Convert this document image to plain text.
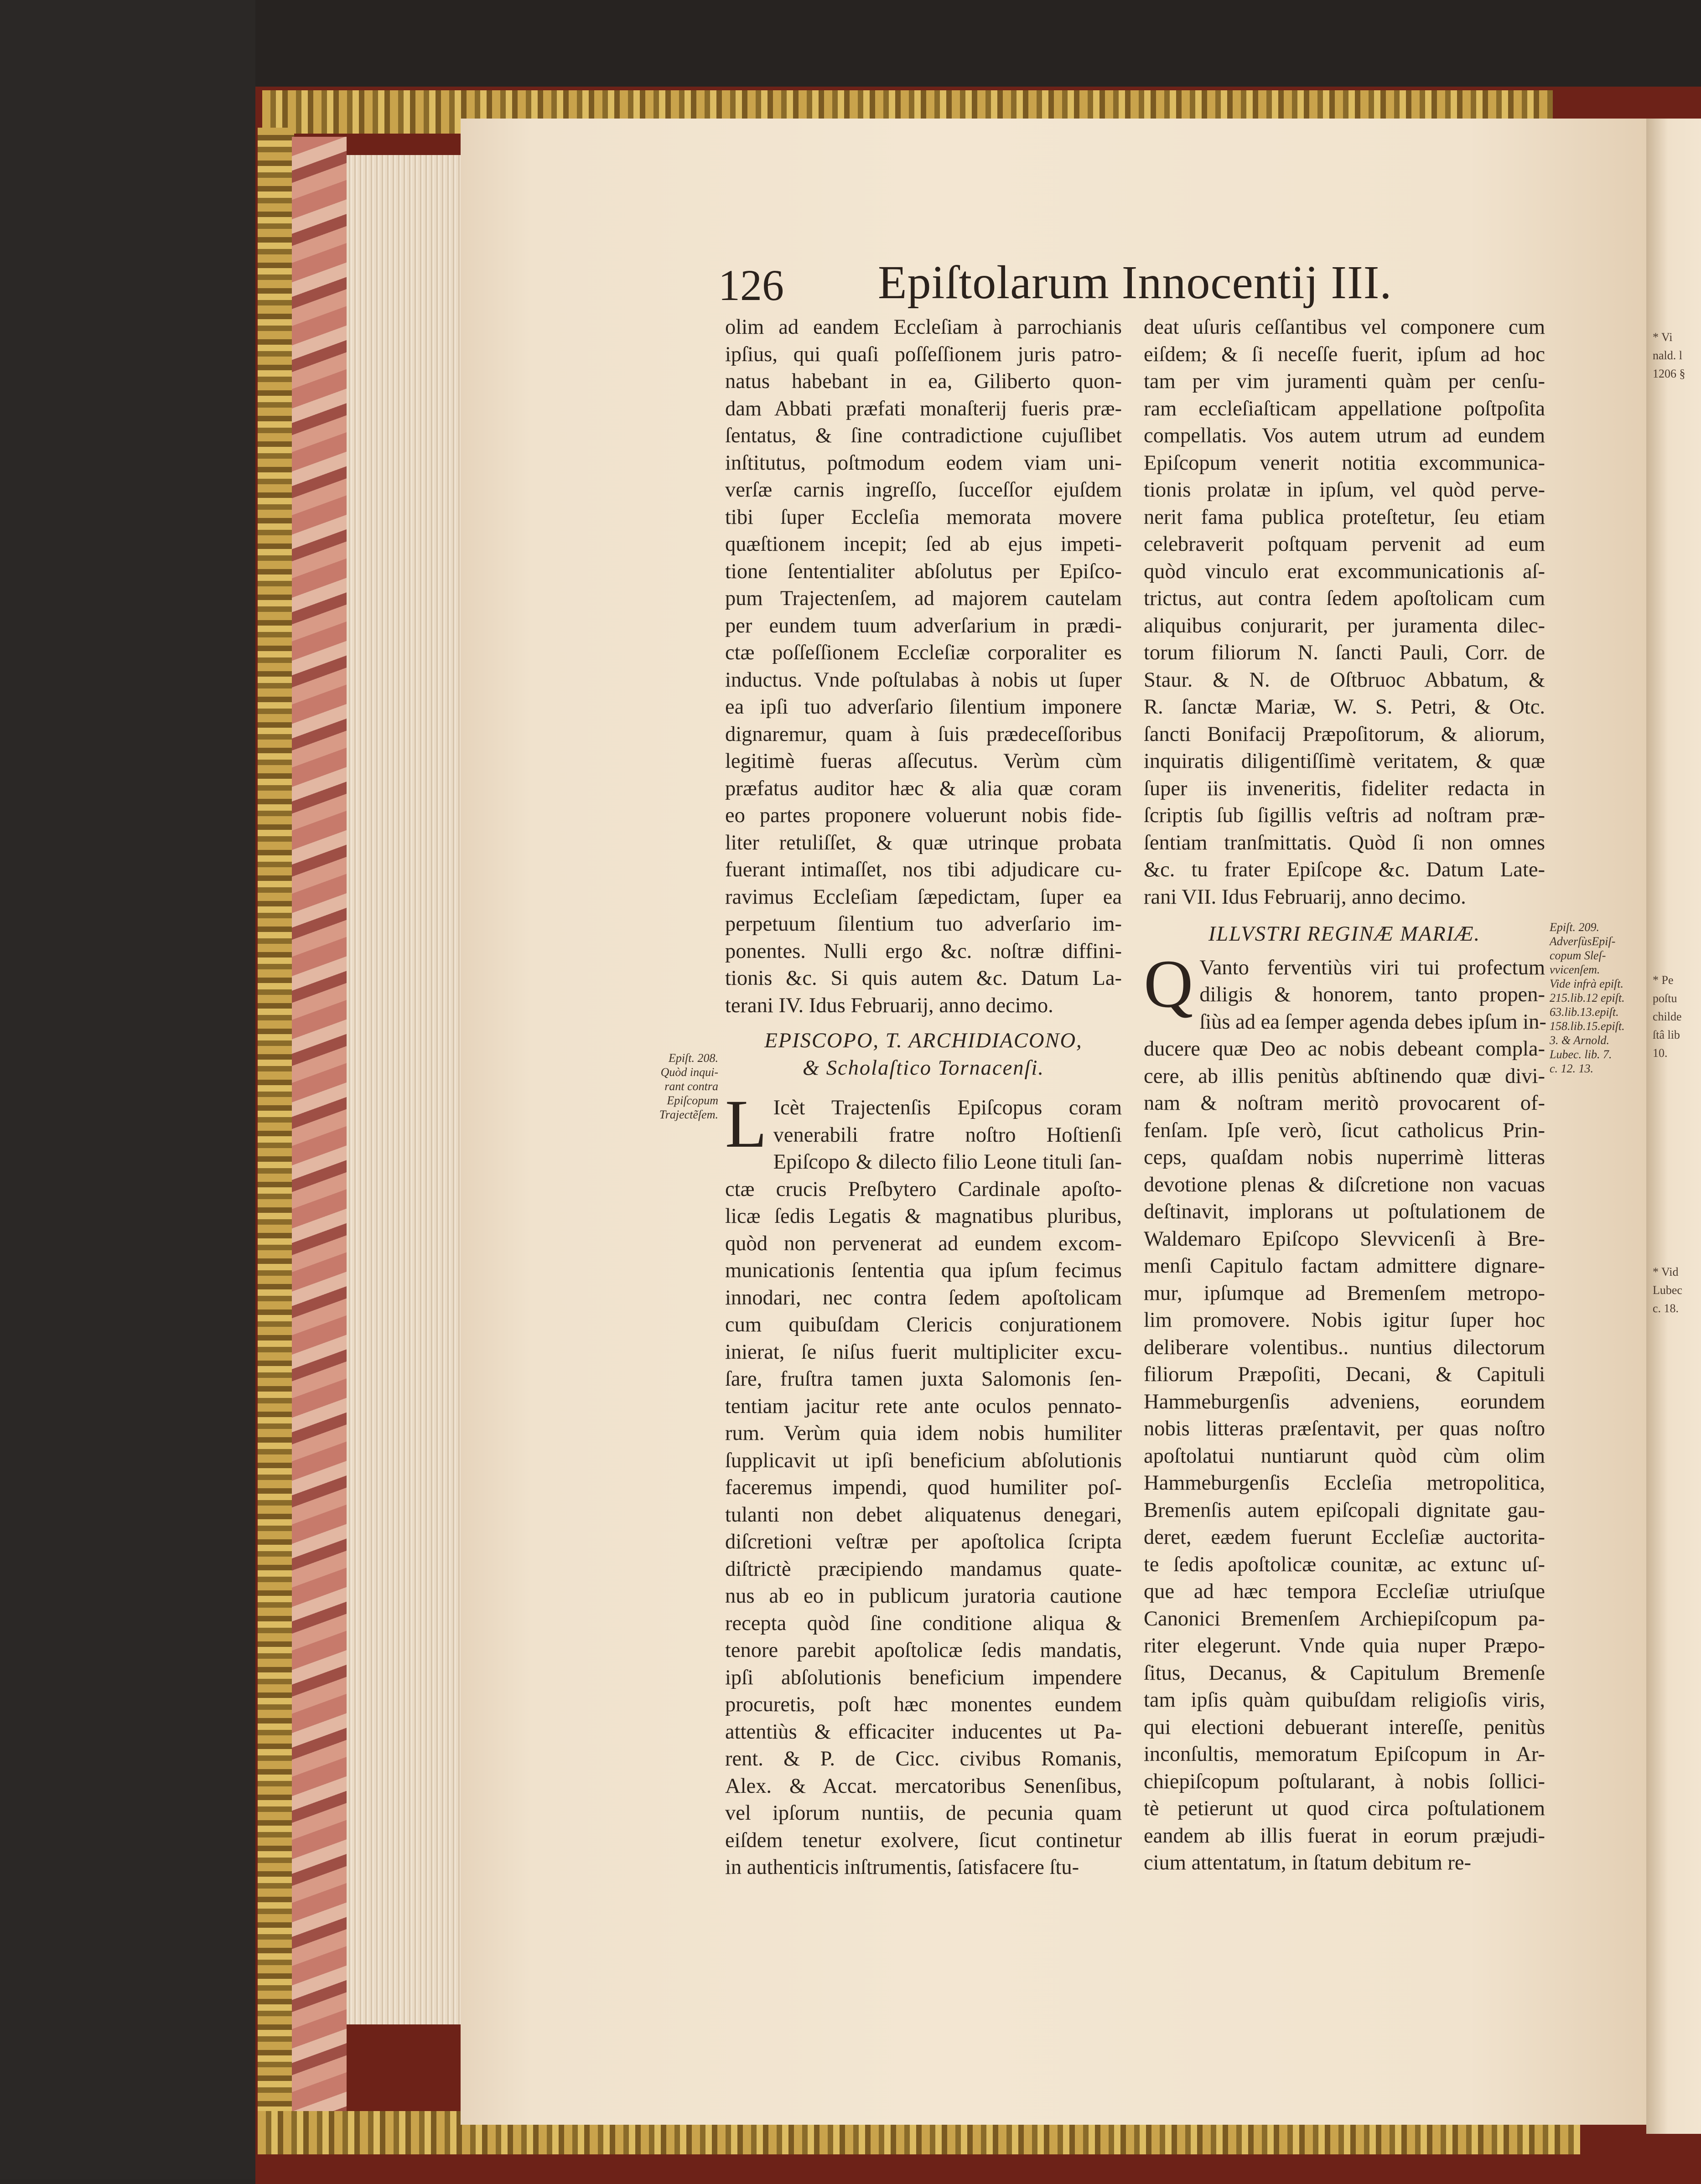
* Vi
nald. l
1206 §
* Pe
poſtu
childe
ſtâ lib
10.
* Vid
Lubec
c. 18.
126 Epiſtolarum Innocentij III.
olim ad eandem Eccleſiam à parrochianis
ipſius, qui quaſi poſſeſſionem juris patro-
natus habebant in ea, Giliberto quon-
dam Abbati præfati monaſterij fueris præ-
ſentatus, & ſine contradictione cujuſlibet
inſtitutus, poſtmodum eodem viam uni-
verſæ carnis ingreſſo, ſucceſſor ejuſdem
tibi ſuper Eccleſia memorata movere
quæſtionem incepit; ſed ab ejus impeti-
tione ſententialiter abſolutus per Epiſco-
pum Trajectenſem, ad majorem cautelam
per eundem tuum adverſarium in prædi-
ctæ poſſeſſionem Eccleſiæ corporaliter es
inductus. Vnde poſtulabas à nobis ut ſuper
ea ipſi tuo adverſario ſilentium imponere
dignaremur, quam à ſuis prædeceſſoribus
legitimè fueras aſſecutus. Verùm cùm
præfatus auditor hæc & alia quæ coram
eo partes proponere voluerunt nobis fide-
liter retuliſſet, & quæ utrinque probata
fuerant intimaſſet, nos tibi adjudicare cu-
ravimus Eccleſiam ſæpedictam, ſuper ea
perpetuum ſilentium tuo adverſario im-
ponentes. Nulli ergo &c. noſtræ diffini-
tionis &c. Si quis autem &c. Datum La-
terani IV. Idus Februarij, anno decimo.
EPISCOPO, T. ARCHIDIACONO,
& Scholaſtico Tornacenſi.
L Icèt Trajectenſis Epiſcopus coram
venerabili fratre noſtro Hoſtienſi
Epiſcopo & dilecto filio Leone tituli ſan-
ctæ crucis Preſbytero Cardinale apoſto-
licæ ſedis Legatis & magnatibus pluribus,
quòd non pervenerat ad eundem excom-
municationis ſententia qua ipſum fecimus
innodari, nec contra ſedem apoſtolicam
cum quibuſdam Clericis conjurationem
inierat, ſe niſus fuerit multipliciter excu-
ſare, fruſtra tamen juxta Salomonis ſen-
tentiam jacitur rete ante oculos pennato-
rum. Verùm quia idem nobis humiliter
ſupplicavit ut ipſi beneficium abſolutionis
faceremus impendi, quod humiliter poſ-
tulanti non debet aliquatenus denegari,
diſcretioni veſtræ per apoſtolica ſcripta
diſtrictè præcipiendo mandamus quate-
nus ab eo in publicum juratoria cautione
recepta quòd ſine conditione aliqua &
tenore parebit apoſtolicæ ſedis mandatis,
ipſi abſolutionis beneficium impendere
procuretis, poſt hæc monentes eundem
attentiùs & efficaciter inducentes ut Pa-
rent. & P. de Cicc. civibus Romanis,
Alex. & Accat. mercatoribus Senenſibus,
vel ipſorum nuntiis, de pecunia quam
eiſdem tenetur exolvere, ſicut continetur
in authenticis inſtrumentis, ſatisfacere ſtu-
deat uſuris ceſſantibus vel componere cum
eiſdem; & ſi neceſſe fuerit, ipſum ad hoc
tam per vim juramenti quàm per cenſu-
ram eccleſiaſticam appellatione poſtpoſita
compellatis. Vos autem utrum ad eundem
Epiſcopum venerit notitia excommunica-
tionis prolatæ in ipſum, vel quòd perve-
nerit fama publica proteſtetur, ſeu etiam
celebraverit poſtquam pervenit ad eum
quòd vinculo erat excommunicationis aſ-
trictus, aut contra ſedem apoſtolicam cum
aliquibus conjurarit, per juramenta dilec-
torum filiorum N. ſancti Pauli, Corr. de
Staur. & N. de Oſtbruoc Abbatum, &
R. ſanctæ Mariæ, W. S. Petri, & Otc.
ſancti Bonifacij Præpoſitorum, & aliorum,
inquiratis diligentiſſimè veritatem, & quæ
ſuper iis inveneritis, fideliter redacta in
ſcriptis ſub ſigillis veſtris ad noſtram præ-
ſentiam tranſmittatis. Quòd ſi non omnes
&c. tu frater Epiſcope &c. Datum Late-
rani VII. Idus Februarij, anno decimo.
ILLVSTRI REGINÆ MARIÆ.
Q Vanto ferventiùs viri tui profectum
diligis & honorem, tanto propen-
ſiùs ad ea ſemper agenda debes ipſum in-
ducere quæ Deo ac nobis debeant compla-
cere, ab illis penitùs abſtinendo quæ divi-
nam & noſtram meritò provocarent of-
fenſam. Ipſe verò, ſicut catholicus Prin-
ceps, quaſdam nobis nuperrimè litteras
devotione plenas & diſcretione non vacuas
deſtinavit, implorans ut poſtulationem de
Waldemaro Epiſcopo Slevvicenſi à Bre-
menſi Capitulo factam admittere dignare-
mur, ipſumque ad Bremenſem metropo-
lim promovere. Nobis igitur ſuper hoc
deliberare volentibus.. nuntius dilectorum
filiorum Præpoſiti, Decani, & Capituli
Hammeburgenſis adveniens, eorundem
nobis litteras præſentavit, per quas noſtro
apoſtolatui nuntiarunt quòd cùm olim
Hammeburgenſis Eccleſia metropolitica,
Bremenſis autem epiſcopali dignitate gau-
deret, eædem fuerunt Eccleſiæ auctorita-
te ſedis apoſtolicæ counitæ, ac extunc uſ-
que ad hæc tempora Eccleſiæ utriuſque
Canonici Bremenſem Archiepiſcopum pa-
riter elegerunt. Vnde quia nuper Præpo-
ſitus, Decanus, & Capitulum Bremenſe
tam ipſis quàm quibuſdam religioſis viris,
qui electioni debuerant intereſſe, penitùs
inconſultis, memoratum Epiſcopum in Ar-
chiepiſcopum poſtularant, à nobis ſollici-
tè petierunt ut quod circa poſtulationem
eandem ab illis fuerat in eorum præjudi-
cium attentatum, in ſtatum debitum re-
Epiſt. 208.
Quòd inqui-
rant contra
Epiſcopum
Trajectẽſem.
Epiſt. 209.
AdverſùsEpiſ-
copum Sleſ-
vvicenſem.
Vide infrà epiſt.
215.lib.12 epiſt.
63.lib.13.epiſt.
158.lib.15.epiſt.
3. & Arnold.
Lubec. lib. 7.
c. 12. 13.
